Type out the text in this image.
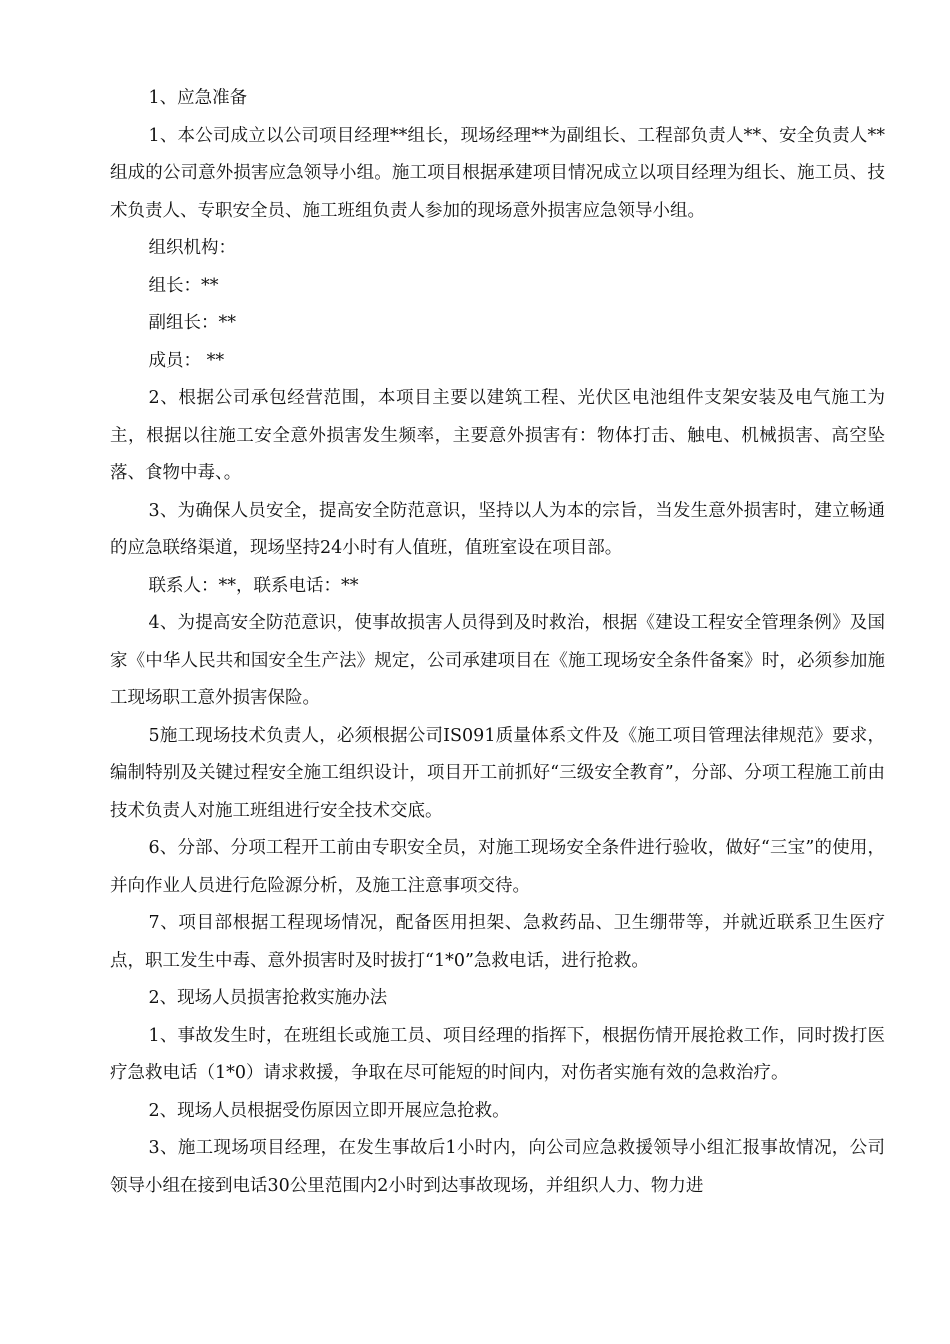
1、应急准备

1、本公司成立以公司项目经理**组长，现场经理**为副组长、工程部负责人**、安全负责人**组成的公司意外损害应急领导小组。施工项目根据承建项目情况成立以项目经理为组长、施工员、技术负责人、专职安全员、施工班组负责人参加的现场意外损害应急领导小组。

组织机构：

组长：**

副组长：**

成员： **

2、根据公司承包经营范围，本项目主要以建筑工程、光伏区电池组件支架安装及电气施工为主，根据以往施工安全意外损害发生频率，主要意外损害有：物体打击、触电、机械损害、高空坠落、食物中毒、。

3、为确保人员安全，提高安全防范意识，坚持以人为本的宗旨，当发生意外损害时，建立畅通的应急联络渠道，现场坚持24小时有人值班，值班室设在项目部。

联系人：**，联系电话：**

4、为提高安全防范意识，使事故损害人员得到及时救治，根据《建设工程安全管理条例》及国家《中华人民共和国安全生产法》规定，公司承建项目在《施工现场安全条件备案》时，必须参加施工现场职工意外损害保险。

5施工现场技术负责人，必须根据公司IS091质量体系文件及《施工项目管理法律规范》要求，编制特别及关键过程安全施工组织设计，项目开工前抓好“三级安全教育”，分部、分项工程施工前由技术负责人对施工班组进行安全技术交底。

6、分部、分项工程开工前由专职安全员，对施工现场安全条件进行验收，做好“三宝”的使用，并向作业人员进行危险源分析，及施工注意事项交待。

7、项目部根据工程现场情况，配备医用担架、急救药品、卫生绷带等，并就近联系卫生医疗点，职工发生中毒、意外损害时及时拔打“1*0”急救电话，进行抢救。

2、现场人员损害抢救实施办法

1、事故发生时，在班组长或施工员、项目经理的指挥下，根据伤情开展抢救工作，同时拨打医疗急救电话（1*0）请求救援，争取在尽可能短的时间内，对伤者实施有效的急救治疗。

2、现场人员根据受伤原因立即开展应急抢救。

3、施工现场项目经理，在发生事故后1小时内，向公司应急救援领导小组汇报事故情况，公司领导小组在接到电话30公里范围内2小时到达事故现场，并组织人力、物力进
